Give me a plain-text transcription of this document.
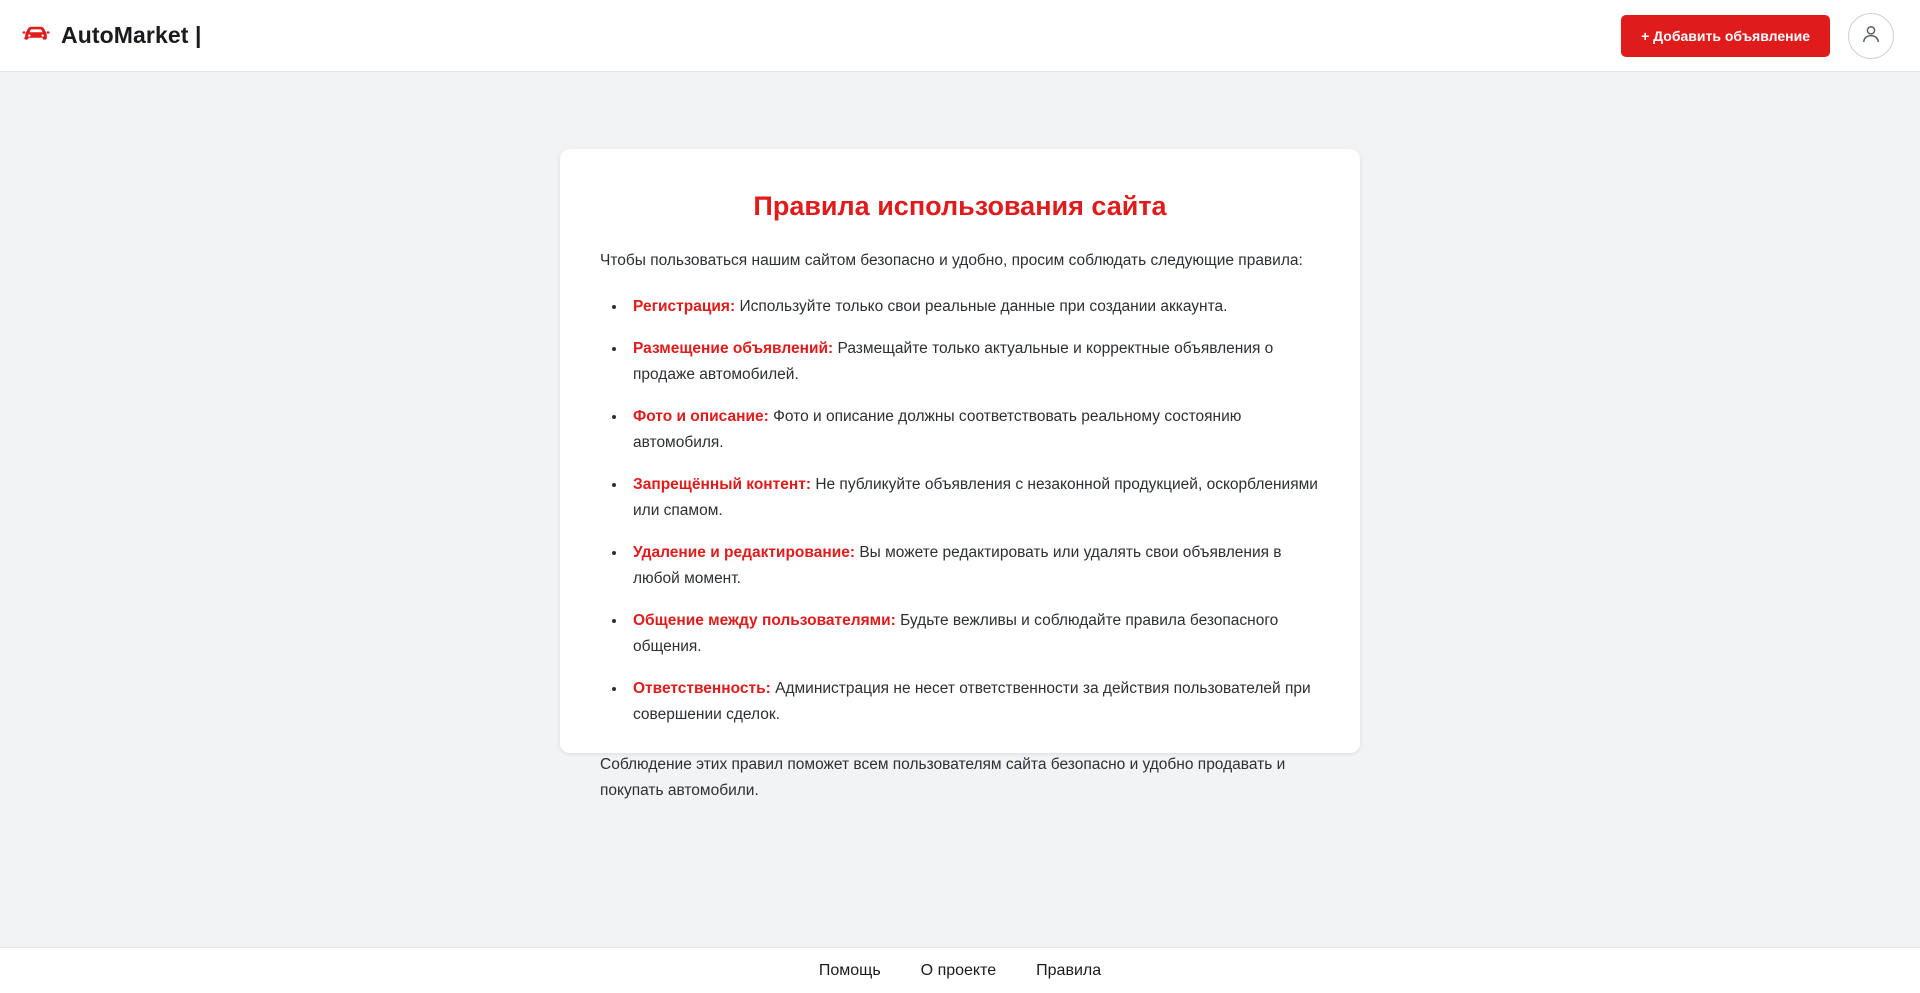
AutoMarket |	+ Добавить объявление
Правила использования сайта

Чтобы пользоваться нашим сайтом безопасно и удобно, просим соблюдать следующие правила:

• Регистрация: Используйте только свои реальные данные при создании аккаунта.
• Размещение объявлений: Размещайте только актуальные и корректные объявления о продаже автомобилей.
• Фото и описание: Фото и описание должны соответствовать реальному состоянию автомобиля.
• Запрещённый контент: Не публикуйте объявления с незаконной продукцией, оскорблениями или спамом.
• Удаление и редактирование: Вы можете редактировать или удалять свои объявления в любой момент.
• Общение между пользователями: Будьте вежливы и соблюдайте правила безопасного общения.
• Ответственность: Администрация не несет ответственности за действия пользователей при совершении сделок.

Соблюдение этих правил поможет всем пользователям сайта безопасно и удобно продавать и покупать автомобили.

Помощь	О проекте	Правила
